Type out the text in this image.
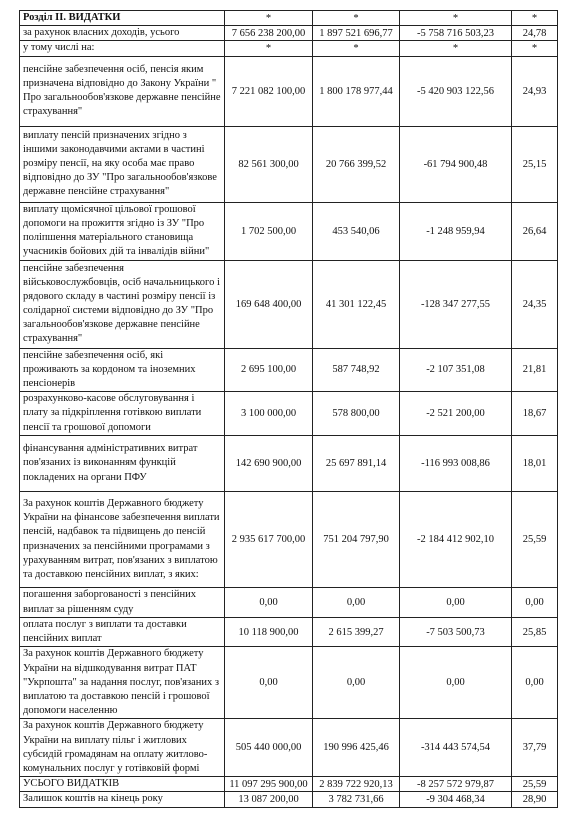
Розділ ІІ. ВИДАТКИ	*	*	*	*
за рахунок власних доходів, усього	7 656 238 200,00	1 897 521 696,77	-5 758 716 503,23	24,78
у тому числі на:	*	*	*	*
пенсійне забезпечення осіб, пенсія яким призначена відповідно до Закону України " Про загальнообов'язкове державне пенсійне страхування"	7 221 082 100,00	1 800 178 977,44	-5 420 903 122,56	24,93
виплату пенсій призначених згідно з іншими законодавчими актами в частині розміру пенсії, на яку особа має право відповідно до ЗУ "Про загальнообов'язкове державне пенсійне страхування"	82 561 300,00	20 766 399,52	-61 794 900,48	25,15
виплату щомісячної цільової грошової допомоги на прожиття згідно із ЗУ "Про поліпшення матеріального становища учасників бойових дій та інвалідів війни"	1 702 500,00	453 540,06	-1 248 959,94	26,64
пенсійне забезпечення військовослужбовців, осіб начальницького і рядового складу в частині розміру пенсії із солідарної системи відповідно до ЗУ "Про загальнообов'язкове державне пенсійне страхування"	169 648 400,00	41 301 122,45	-128 347 277,55	24,35
пенсійне забезпечення осіб, які проживають за кордоном та іноземних пенсіонерів	2 695 100,00	587 748,92	-2 107 351,08	21,81
розрахунково-касове обслуговування і плату за підкріплення готівкою виплати пенсії та грошової допомоги	3 100 000,00	578 800,00	-2 521 200,00	18,67
фінансування адміністративних витрат пов'язаних із виконанням функцій покладених на органи ПФУ	142 690 900,00	25 697 891,14	-116 993 008,86	18,01
За рахунок коштів Державного бюджету України на фінансове забезпечення виплати пенсій, надбавок та підвищень до пенсій призначених за пенсійними програмами з урахуванням витрат, пов'язаних з виплатою та доставкою пенсійних виплат, з яких:	2 935 617 700,00	751 204 797,90	-2 184 412 902,10	25,59
погашення заборгованості з пенсійних виплат за рішенням суду	0,00	0,00	0,00	0,00
оплата послуг з виплати та доставки пенсійних виплат	10 118 900,00	2 615 399,27	-7 503 500,73	25,85
За рахунок коштів Державного бюджету України на відшкодування витрат ПАТ "Укрпошта" за надання послуг, пов'язаних з виплатою та доставкою пенсій і грошової допомоги населенню	0,00	0,00	0,00	0,00
За рахунок коштів Державного бюджету України на виплату пільг і житлових субсидій громадянам на оплату житлово-комунальних послуг у готівковій формі	505 440 000,00	190 996 425,46	-314 443 574,54	37,79
УСЬОГО ВИДАТКІВ	11 097 295 900,00	2 839 722 920,13	-8 257 572 979,87	25,59
Залишок коштів на кінець року	13 087 200,00	3 782 731,66	-9 304 468,34	28,90
